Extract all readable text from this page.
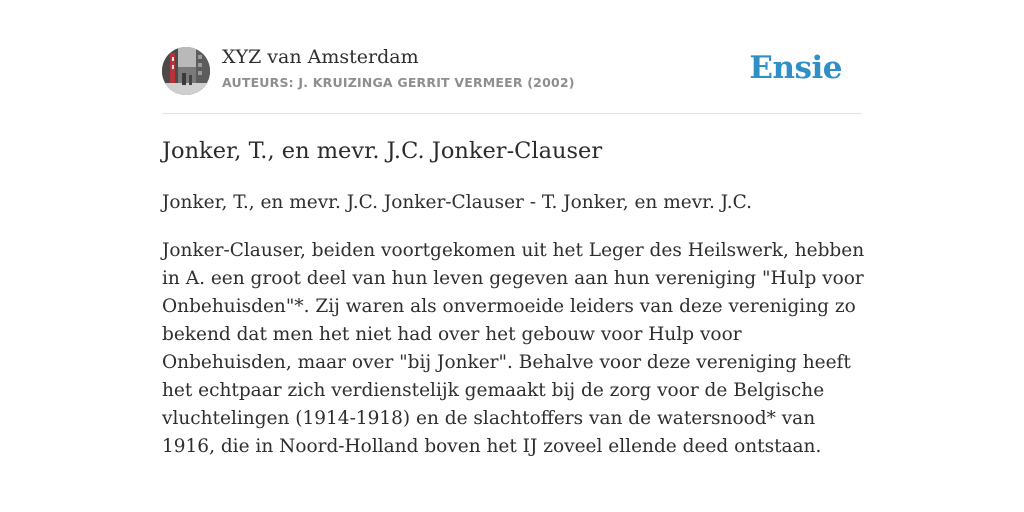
XYZ van Amsterdam
AUTEURS: J. KRUIZINGA GERRIT VERMEER (2002)	Ensie
Jonker, T., en mevr. J.C. Jonker-Clauser

Jonker, T., en mevr. J.C. Jonker-Clauser - T. Jonker, en mevr. J.C.

Jonker-Clauser, beiden voortgekomen uit het Leger des Heilswerk, hebben in A. een groot deel van hun leven gegeven aan hun vereniging "Hulp voor Onbehuisden"*. Zij waren als onvermoeide leiders van deze vereniging zo bekend dat men het niet had over het gebouw voor Hulp voor Onbehuisden, maar over "bij Jonker". Behalve voor deze vereniging heeft het echtpaar zich verdienstelijk gemaakt bij de zorg voor de Belgische vluchtelingen (1914-1918) en de slachtoffers van de watersnood* van 1916, die in Noord-Holland boven het IJ zoveel ellende deed ontstaan.
